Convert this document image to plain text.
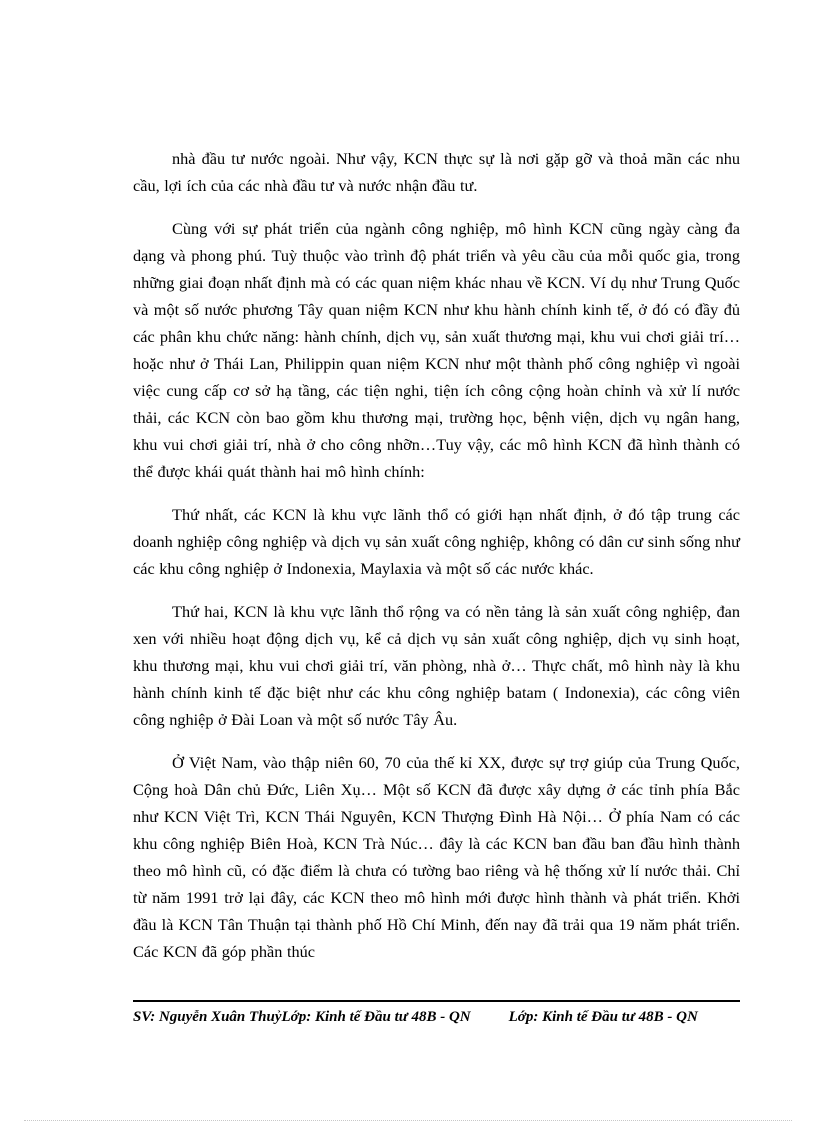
nhà đầu tư nước ngoài. Như vậy, KCN thực sự là nơi gặp gỡ và thoả mãn các nhu cầu, lợi ích của các nhà đầu tư và nước nhận đầu tư.

Cùng với sự phát triển của ngành công nghiệp, mô hình KCN cũng ngày càng đa dạng và phong phú. Tuỳ thuộc vào trình độ phát triển và yêu cầu của mỗi quốc gia, trong những giai đoạn nhất định mà có các quan niệm khác nhau về KCN. Ví dụ như Trung Quốc và một số nước phương Tây quan niệm KCN như khu hành chính kinh tế, ở đó có đầy đủ các phân khu chức năng: hành chính, dịch vụ, sản xuất thương mại, khu vui chơi giải trí…hoặc như ở Thái Lan, Philippin quan niệm KCN như một thành phố công nghiệp vì ngoài việc cung cấp cơ sở hạ tầng, các tiện nghi, tiện ích công cộng hoàn chỉnh và xử lí nước thải, các KCN còn bao gồm khu thương mại, trường học, bệnh viện, dịch vụ ngân hang, khu vui chơi giải trí, nhà ở cho công nhỡn…Tuy vậy, các mô hình KCN đã hình thành có thể được khái quát thành hai mô hình chính:

Thứ nhất, các KCN là khu vực lãnh thổ có giới hạn nhất định, ở đó tập trung các doanh nghiệp công nghiệp và dịch vụ sản xuất công nghiệp, không có dân cư sinh sống như các khu công nghiệp ở Indonexia, Maylaxia và một số các nước khác.

Thứ hai, KCN là khu vực lãnh thổ rộng va có nền tảng là sản xuất công nghiệp, đan xen với nhiều hoạt động dịch vụ, kể cả dịch vụ sản xuất công nghiệp, dịch vụ sinh hoạt, khu thương mại, khu vui chơi giải trí, văn phòng, nhà ở… Thực chất, mô hình này là khu hành chính kinh tế đặc biệt như các khu công nghiệp batam ( Indonexia), các công viên công nghiệp ở Đài Loan và một số nước Tây Âu.

Ở Việt Nam, vào thập niên 60, 70 của thế kỉ XX, được sự trợ giúp của Trung Quốc, Cộng hoà Dân chủ Đức, Liên Xụ… Một số KCN đã được xây dựng ở các tỉnh phía Bắc như KCN Việt Trì, KCN Thái Nguyên, KCN Thượng Đình Hà Nội… Ở phía Nam có các khu công nghiệp Biên Hoà, KCN Trà Núc… đây là các KCN ban đầu ban đầu hình thành theo mô hình cũ, có đặc điểm là chưa có tường bao riêng và hệ thống xử lí nước thải. Chỉ từ năm 1991 trở lại đây, các KCN theo mô hình mới được hình thành và phát triển. Khởi đầu là KCN Tân Thuận tại thành phố Hồ Chí Minh, đến nay đã trải qua 19 năm phát triển. Các KCN đã góp phần thúc

SV: Nguyễn Xuân ThuỷLớp: Kinh tế Đầu tư 48B - QN	Lớp: Kinh tế Đầu tư 48B - QN
